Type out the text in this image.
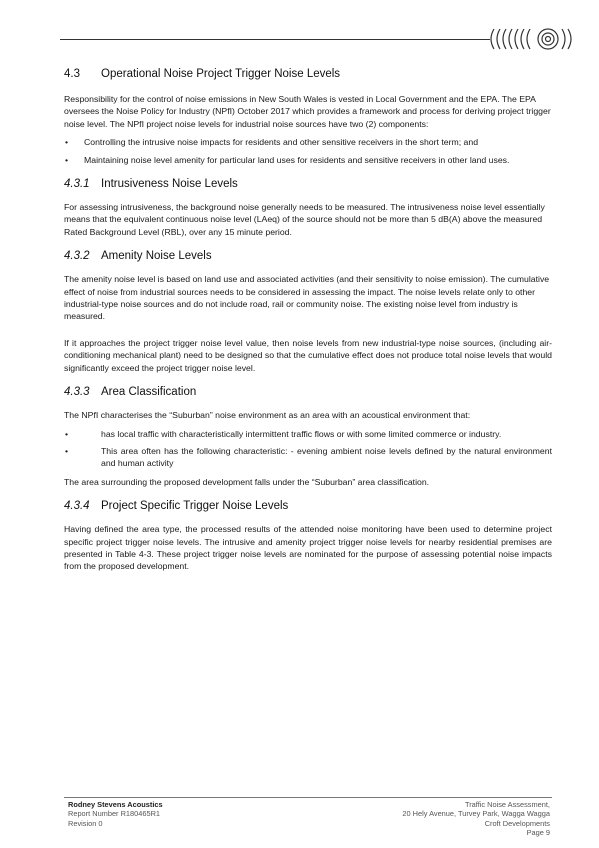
4.3 Operational Noise Project Trigger Noise Levels

Responsibility for the control of noise emissions in New South Wales is vested in Local Government and the EPA. The EPA oversees the Noise Policy for Industry (NPfI) October 2017 which provides a framework and process for deriving project trigger noise level. The NPfI project noise levels for industrial noise sources have two (2) components:

• Controlling the intrusive noise impacts for residents and other sensitive receivers in the short term; and
• Maintaining noise level amenity for particular land uses for residents and sensitive receivers in other land uses.
4.3.1 Intrusiveness Noise Levels

For assessing intrusiveness, the background noise generally needs to be measured. The intrusiveness noise level essentially means that the equivalent continuous noise level (LAeq) of the source should not be more than 5 dB(A) above the measured Rated Background Level (RBL), over any 15 minute period.

4.3.2 Amenity Noise Levels

The amenity noise level is based on land use and associated activities (and their sensitivity to noise emission). The cumulative effect of noise from industrial sources needs to be considered in assessing the impact. The noise levels relate only to other industrial-type noise sources and do not include road, rail or community noise. The existing noise level from industry is measured.

If it approaches the project trigger noise level value, then noise levels from new industrial-type noise sources, (including air-conditioning mechanical plant) need to be designed so that the cumulative effect does not produce total noise levels that would significantly exceed the project trigger noise level.

4.3.3 Area Classification

The NPfI characterises the “Suburban” noise environment as an area with an acoustical environment that:

•	has local traffic with characteristically intermittent traffic flows or with some limited commerce or industry.
•	This area often has the following characteristic: - evening ambient noise levels defined by the natural environment and human activity

The area surrounding the proposed development falls under the “Suburban” area classification.

4.3.4 Project Specific Trigger Noise Levels

Having defined the area type, the processed results of the attended noise monitoring have been used to determine project specific project trigger noise levels. The intrusive and amenity project trigger noise levels for nearby residential premises are presented in Table 4-3. These project trigger noise levels are nominated for the purpose of assessing potential noise impacts from the proposed development.

Rodney Stevens Acoustics
Report Number R180465R1
Revision 0
Traffic Noise Assessment,
20 Hely Avenue, Turvey Park, Wagga Wagga
Croft Developments
Page 9
